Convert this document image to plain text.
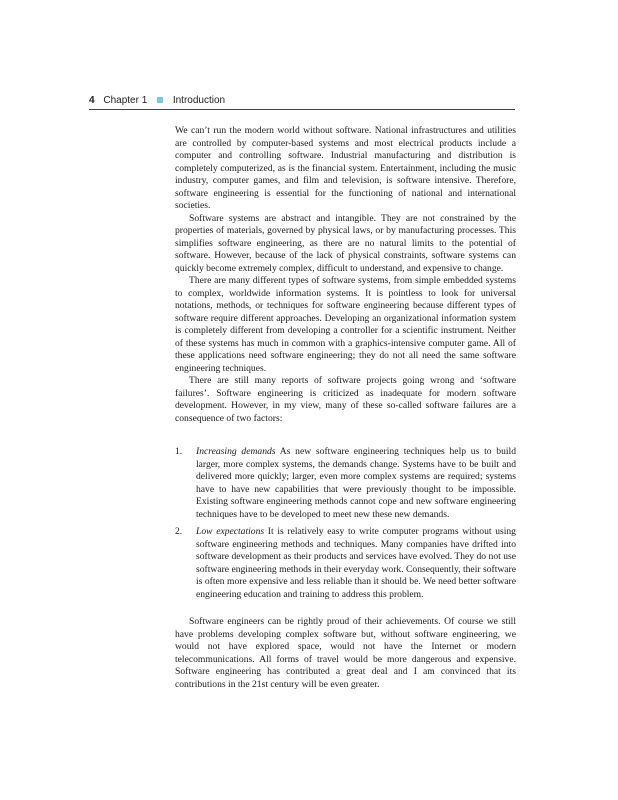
4 Chapter 1	Introduction

We can’t run the modern world without software. National infrastructures and utilities are controlled by computer-based systems and most electrical products include a computer and controlling software. Industrial manufacturing and distribution is completely computerized, as is the financial system. Entertainment, including the music industry, computer games, and film and television, is software intensive. Therefore, software engineering is essential for the functioning of national and international societies.

Software systems are abstract and intangible. They are not constrained by the properties of materials, governed by physical laws, or by manufacturing processes. This simplifies software engineering, as there are no natural limits to the potential of software. However, because of the lack of physical constraints, software systems can quickly become extremely complex, difficult to understand, and expensive to change.

There are many different types of software systems, from simple embedded systems to complex, worldwide information systems. It is pointless to look for universal notations, methods, or techniques for software engineering because different types of software require different approaches. Developing an organizational information system is completely different from developing a controller for a scientific instrument. Neither of these systems has much in common with a graphics-intensive computer game. All of these applications need software engineering; they do not all need the same software engineering techniques.

There are still many reports of software projects going wrong and ‘software failures’. Software engineering is criticized as inadequate for modern software development. However, in my view, many of these so-called software failures are a consequence of two factors:

1. Increasing demands As new software engineering techniques help us to build larger, more complex systems, the demands change. Systems have to be built and delivered more quickly; larger, even more complex systems are required; systems have to have new capabilities that were previously thought to be impossible. Existing software engineering methods cannot cope and new software engineering techniques have to be developed to meet new these new demands.
2. Low expectations It is relatively easy to write computer programs without using software engineering methods and techniques. Many companies have drifted into software development as their products and services have evolved. They do not use software engineering methods in their everyday work. Consequently, their software is often more expensive and less reliable than it should be. We need better software engineering education and training to address this problem.

Software engineers can be rightly proud of their achievements. Of course we still have problems developing complex software but, without software engineering, we would not have explored space, would not have the Internet or modern telecommunications. All forms of travel would be more dangerous and expensive. Software engineering has contributed a great deal and I am convinced that its contributions in the 21st century will be even greater.
